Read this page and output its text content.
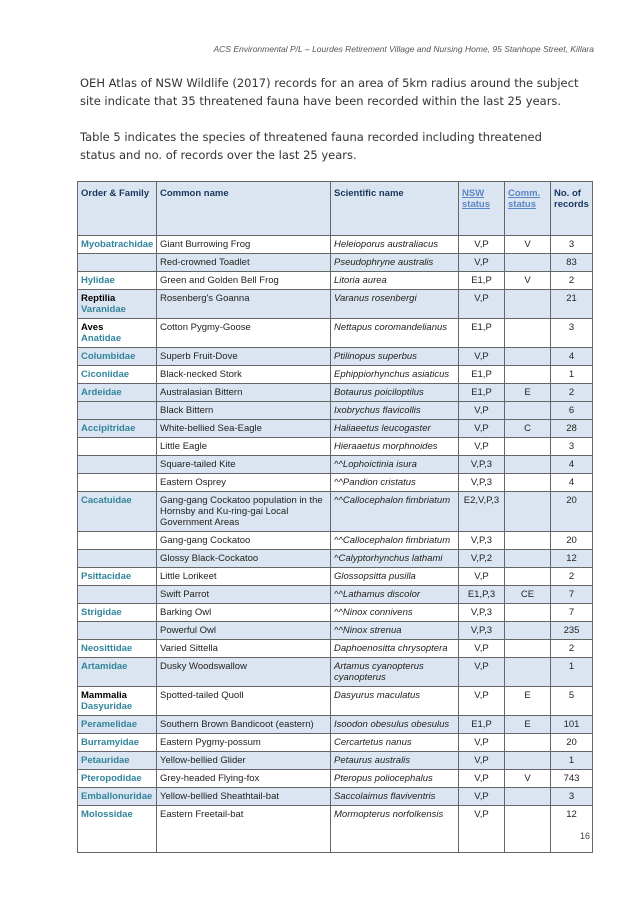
ACS Environmental P/L – Lourdes Retirement Village and Nursing Home, 95 Stanhope Street, Killara

OEH Atlas of NSW Wildlife (2017) records for an area of 5km radius around the subject site indicate that 35 threatened fauna have been recorded within the last 25 years.

Table 5 indicates the species of threatened fauna recorded including threatened status and no. of records over the last 25 years.

Order & Family	Common name	Scientific name	NSW status	Comm. status	No. of records
Myobatrachidae	Giant Burrowing Frog	Heleioporus australiacus	V,P	V	3
	Red-crowned Toadlet	Pseudophryne australis	V,P		83
Hylidae	Green and Golden Bell Frog	Litoria aurea	E1,P	V	2

Reptilia
Varanidae	Rosenberg's Goanna	Varanus rosenbergi	V,P		21

Aves
Anatidae	Cotton Pygmy-Goose	Nettapus coromandelianus	E1,P		3
Columbidae	Superb Fruit-Dove	Ptilinopus superbus	V,P		4
Ciconiidae	Black-necked Stork	Ephippiorhynchus asiaticus	E1,P		1
Ardeidae	Australasian Bittern	Botaurus poiciloptilus	E1,P	E	2
	Black Bittern	Ixobrychus flavicollis	V,P		6
Accipitridae	White-bellied Sea-Eagle	Haliaeetus leucogaster	V,P	C	28
	Little Eagle	Hieraaetus morphnoides	V,P		3
	Square-tailed Kite	^^Lophoictinia isura	V,P,3		4
	Eastern Osprey	^^Pandion cristatus	V,P,3		4
Cacatuidae	Gang-gang Cockatoo population in the Hornsby and Ku-ring-gai Local Government Areas	^^Callocephalon fimbriatum	E2,V,P,3		20
	Gang-gang Cockatoo	^^Callocephalon fimbriatum	V,P,3		20
	Glossy Black-Cockatoo	^Calyptorhynchus lathami	V,P,2		12
Psittacidae	Little Lorikeet	Glossopsitta pusilla	V,P		2
	Swift Parrot	^^Lathamus discolor	E1,P,3	CE	7
Strigidae	Barking Owl	^^Ninox connivens	V,P,3		7
	Powerful Owl	^^Ninox strenua	V,P,3		235
Neosittidae	Varied Sittella	Daphoenositta chrysoptera	V,P		2
Artamidae	Dusky Woodswallow	Artamus cyanopterus cyanopterus	V,P		1

Mammalia
Dasyuridae	Spotted-tailed Quoll	Dasyurus maculatus	V,P	E	5
Peramelidae	Southern Brown Bandicoot (eastern)	Isoodon obesulus obesulus	E1,P	E	101
Burramyidae	Eastern Pygmy-possum	Cercartetus nanus	V,P		20
Petauridae	Yellow-bellied Glider	Petaurus australis	V,P		1
Pteropodidae	Grey-headed Flying-fox	Pteropus poliocephalus	V,P	V	743
Emballonuridae	Yellow-bellied Sheathtail-bat	Saccolaimus flaviventris	V,P		3
Molossidae	Eastern Freetail-bat	Mormopterus norfolkensis	V,P		12
16
